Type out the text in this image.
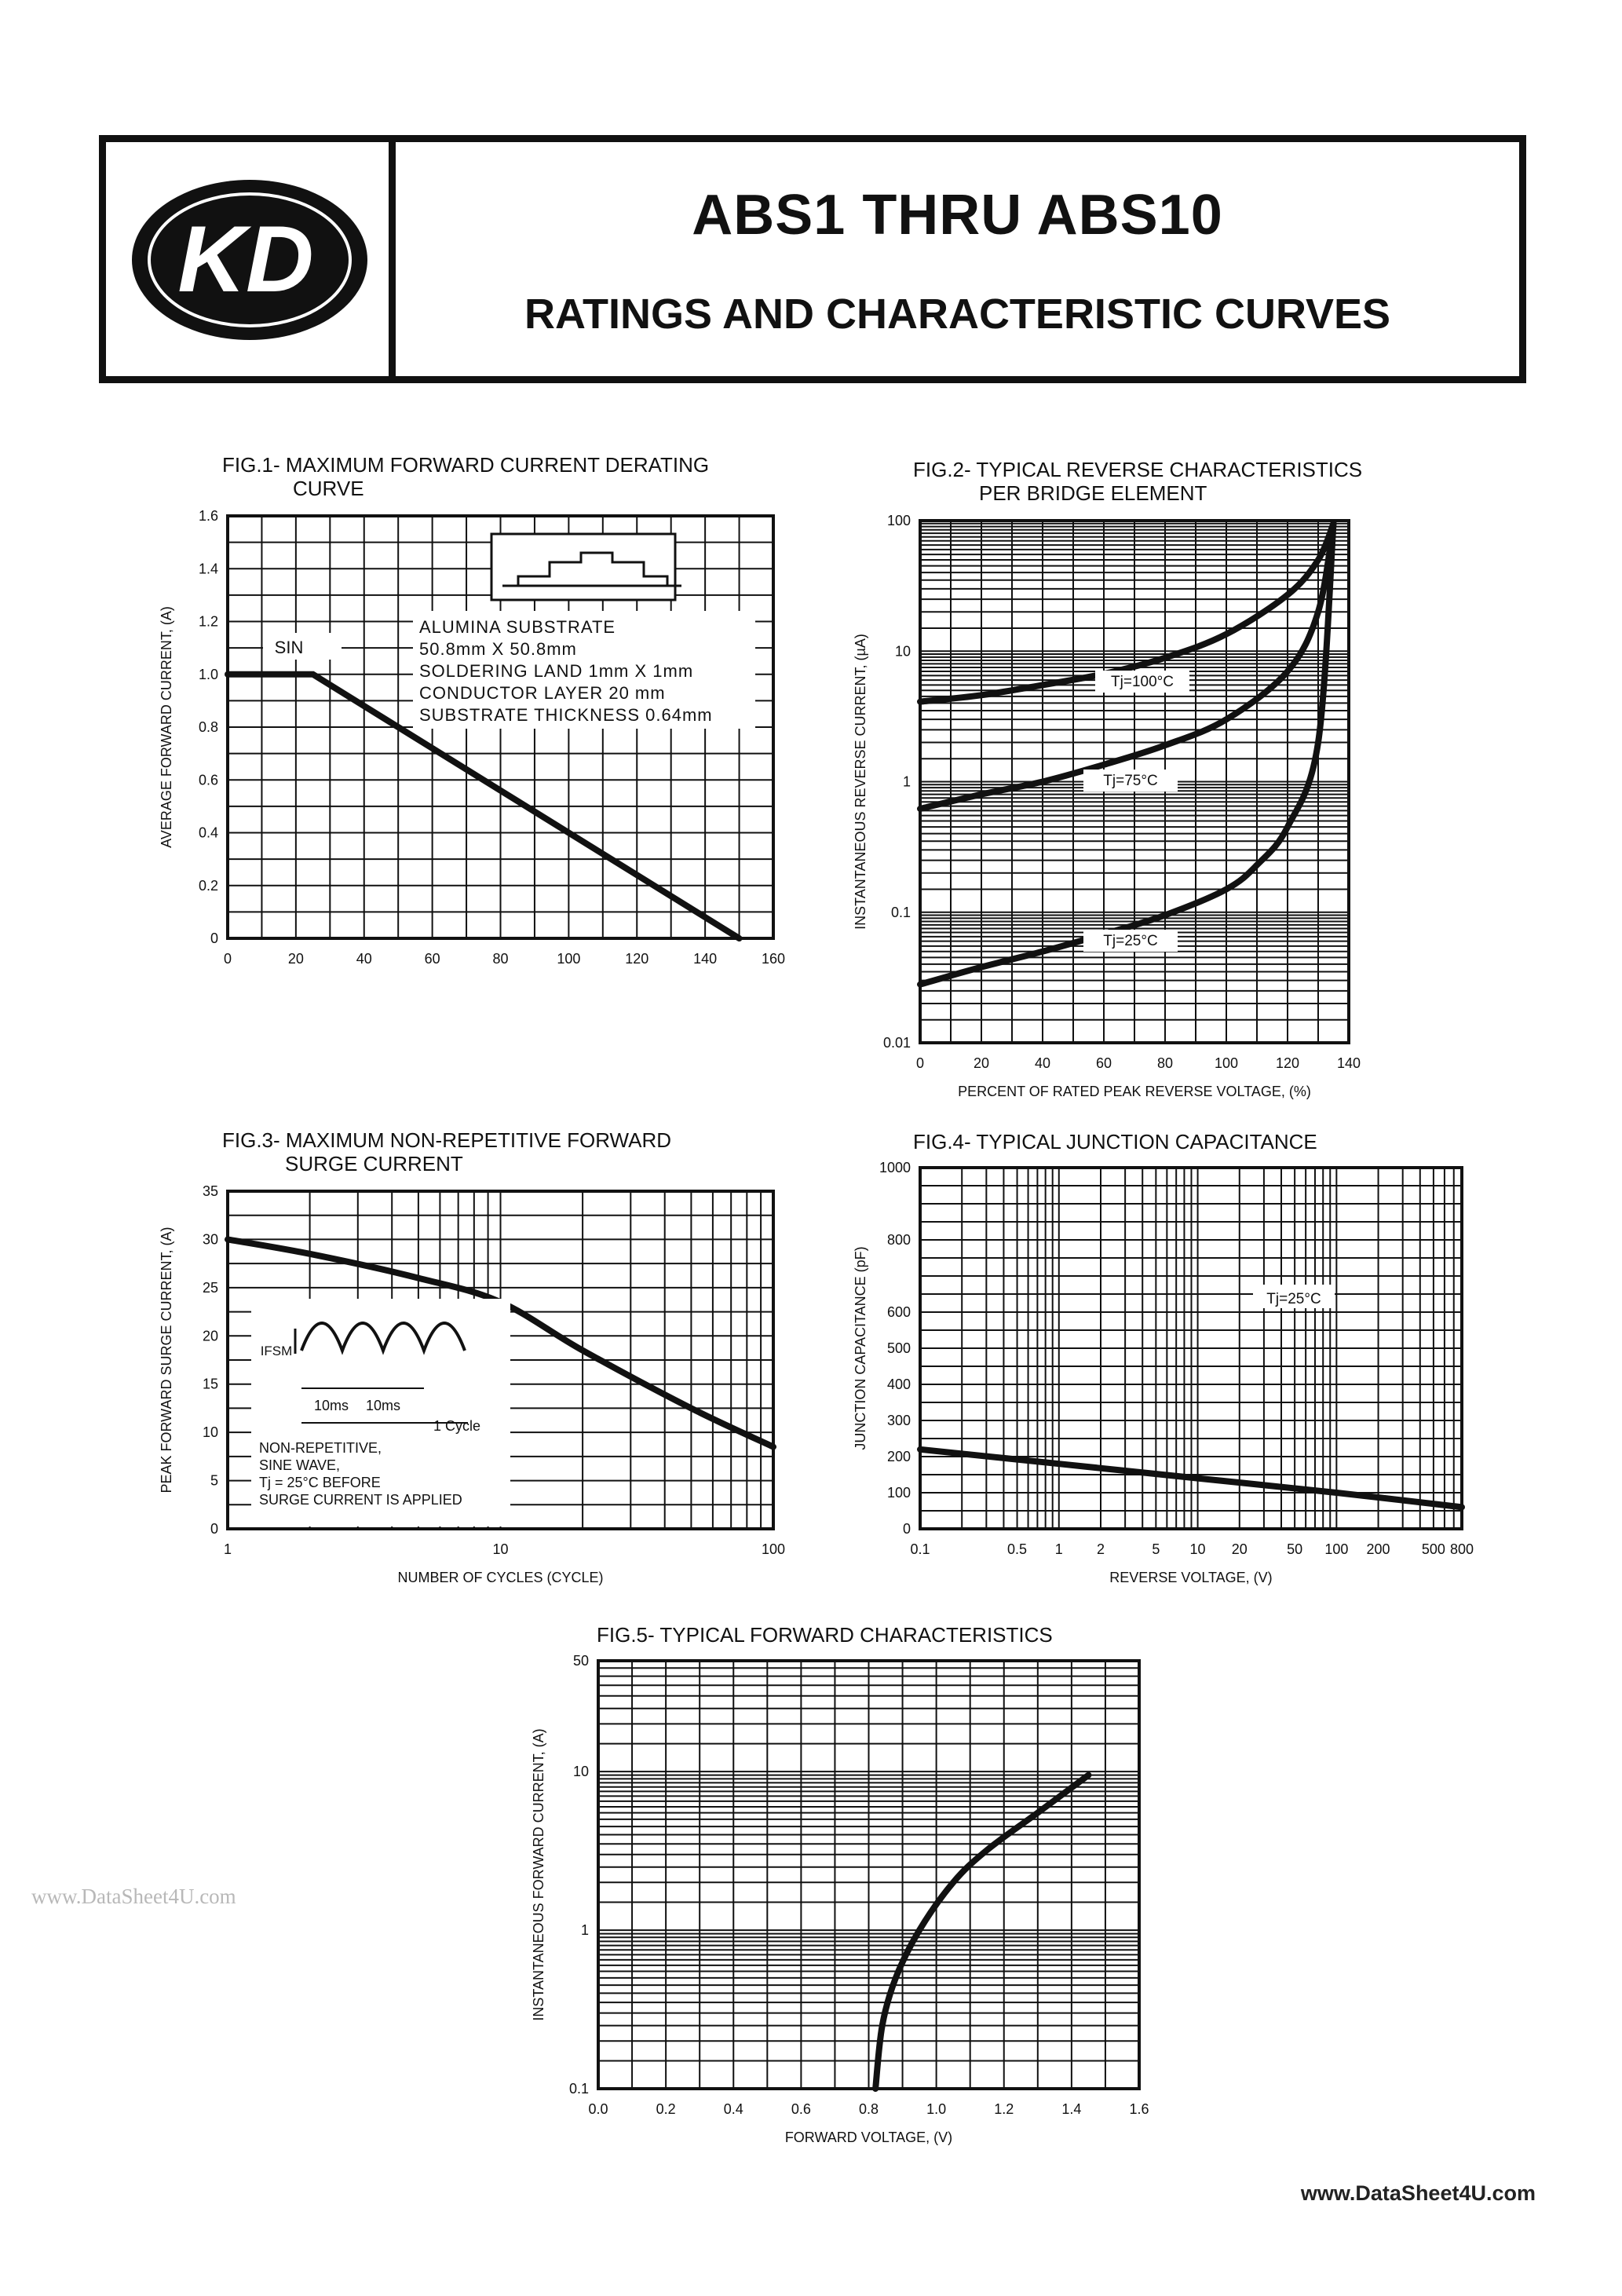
KD	ABS1 THRU ABS10
RATINGS AND CHARACTERISTIC CURVES
0	20	40	60	80	100	120	140	160
0
0.2
0.4
0.6
0.8
1.0
1.2
1.4
1.6
AVERAGE FORWARD CURRENT, (A)
FIG.1- MAXIMUM FORWARD CURRENT DERATING
CURVE
0	20	40	60	80	100	120	140
0.01
0.1
1
10
100
PERCENT OF RATED PEAK REVERSE VOLTAGE, (%)
INSTANTANEOUS REVERSE CURRENT, (µA)
FIG.2- TYPICAL REVERSE CHARACTERISTICS
PER BRIDGE ELEMENT
1	10	100
0
5
10
15
20
25
30
35
NUMBER OF CYCLES (CYCLE)
PEAK FORWARD SURGE CURRENT, (A)
FIG.3- MAXIMUM NON-REPETITIVE FORWARD
SURGE CURRENT
0.1	0.5 1 2	5 10 20	50 100 200 500 800
0
100
200
300
400
500
600
800
1000
REVERSE VOLTAGE, (V)
JUNCTION CAPACITANCE (pF)
FIG.4- TYPICAL JUNCTION CAPACITANCE
0.0	0.2	0.4	0.6	0.8	1.0	1.2	1.4	1.6
0.1
1
10
50
FORWARD VOLTAGE, (V)
INSTANTANEOUS FORWARD CURRENT, (A)
FIG.5- TYPICAL FORWARD CHARACTERISTICS
SIN
ALUMINA SUBSTRATE
50.8mm X 50.8mm
SOLDERING LAND 1mm X 1mm
CONDUCTOR LAYER 20 mm
SUBSTRATE THICKNESS 0.64mm
Tj=100°C
Tj=75°C
Tj=25°C
IFSM
10ms 10ms
1 Cycle
NON-REPETITIVE,
SINE WAVE,
Tj = 25°C BEFORE
SURGE CURRENT IS APPLIED
Tj=25°C
www.DataSheet4U.com
www.DataSheet4U.com
